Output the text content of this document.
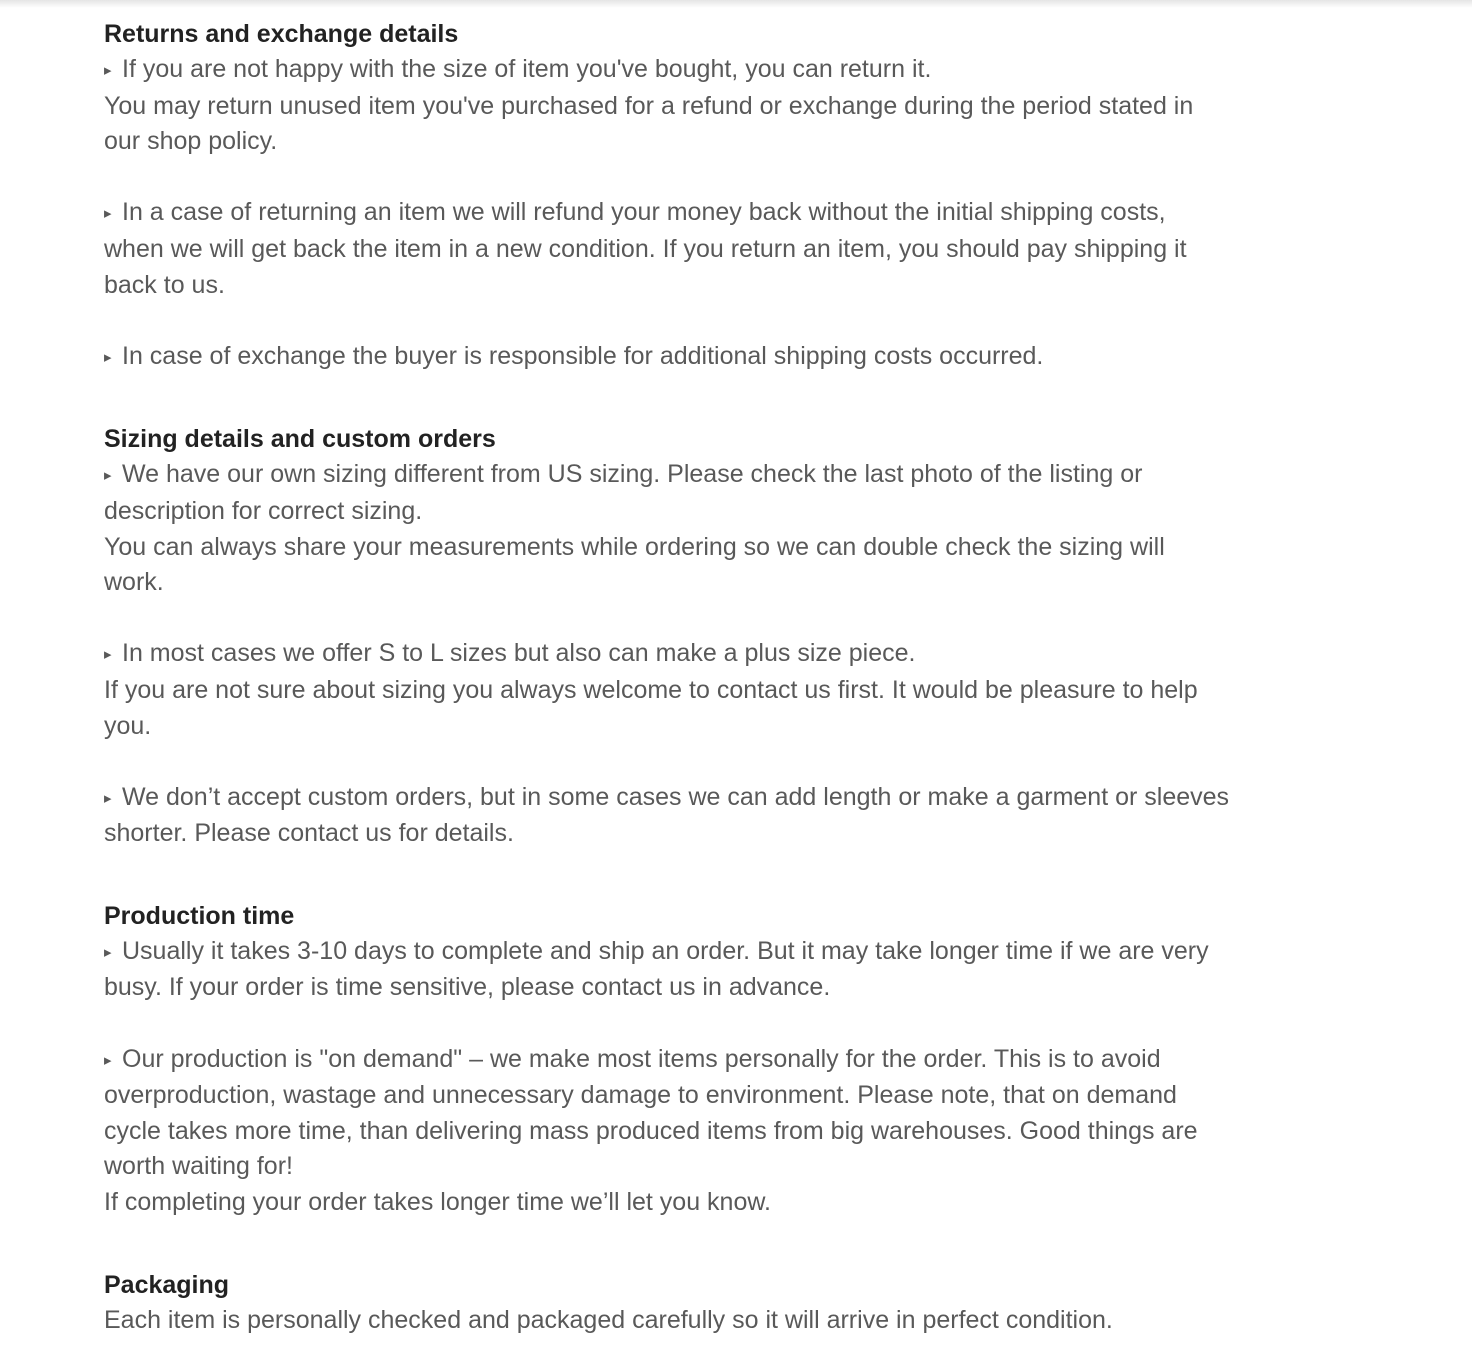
Returns and exchange details

▸ If you are not happy with the size of item you've bought, you can return it.

You may return unused item you've purchased for a refund or exchange during the period stated in

our shop policy.

▸ In a case of returning an item we will refund your money back without the initial shipping costs,

when we will get back the item in a new condition. If you return an item, you should pay shipping it

back to us.

▸ In case of exchange the buyer is responsible for additional shipping costs occurred.

Sizing details and custom orders

▸ We have our own sizing different from US sizing. Please check the last photo of the listing or

description for correct sizing.

You can always share your measurements while ordering so we can double check the sizing will

work.

▸ In most cases we offer S to L sizes but also can make a plus size piece.

If you are not sure about sizing you always welcome to contact us first. It would be pleasure to help

you.

▸ We don’t accept custom orders, but in some cases we can add length or make a garment or sleeves

shorter. Please contact us for details.

Production time

▸ Usually it takes 3-10 days to complete and ship an order. But it may take longer time if we are very

busy. If your order is time sensitive, please contact us in advance.

▸ Our production is "on demand" – we make most items personally for the order. This is to avoid

overproduction, wastage and unnecessary damage to environment. Please note, that on demand

cycle takes more time, than delivering mass produced items from big warehouses. Good things are

worth waiting for!

If completing your order takes longer time we’ll let you know.

Packaging

Each item is personally checked and packaged carefully so it will arrive in perfect condition.
